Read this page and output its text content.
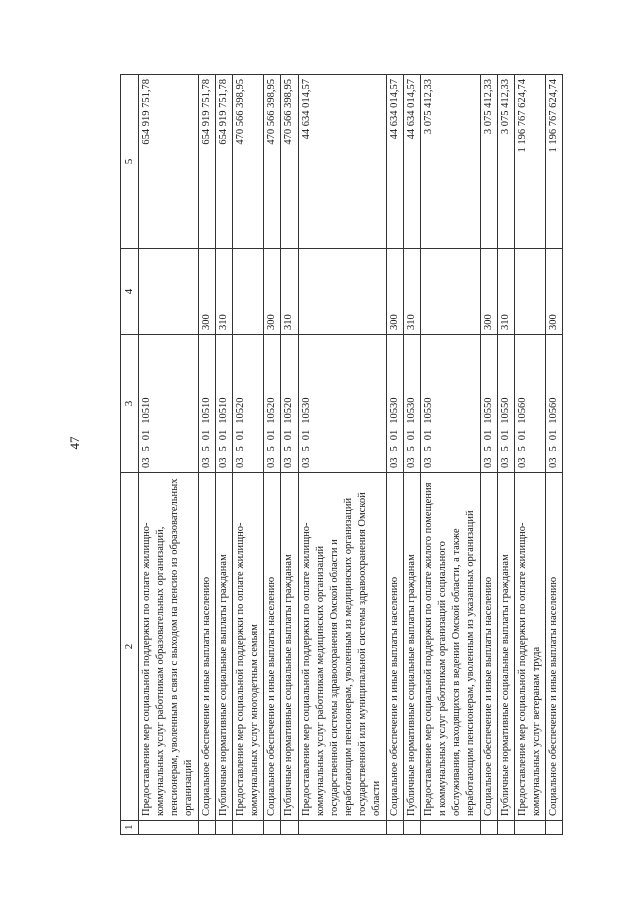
47
1	2	3	4	5
	Предоставление мер социальной поддержки по оплате жилищно-коммунальных услуг работникам образовательных организаций, пенсионерам, уволенным в связи с выходом на пенсию из образовательных организаций	0350110510		654 919 751,78
	Социальное обеспечение и иные выплаты населению	0350110510	300	654 919 751,78
	Публичные нормативные социальные выплаты гражданам	0350110510	310	654 919 751,78
	Предоставление мер социальной поддержки по оплате жилищно-коммунальных услуг многодетным семьям	0350110520		470 566 398,95
	Социальное обеспечение и иные выплаты населению	0350110520	300	470 566 398,95
	Публичные нормативные социальные выплаты гражданам	0350110520	310	470 566 398,95
	Предоставление мер социальной поддержки по оплате жилищно-коммунальных услуг работникам медицинских организаций государственной системы здравоохранения Омской области и неработающим пенсионерам, уволенным из медицинских организаций государственной или муниципальной системы здравоохранения Омской области	0350110530		44 634 014,57
	Социальное обеспечение и иные выплаты населению	0350110530	300	44 634 014,57
	Публичные нормативные социальные выплаты гражданам	0350110530	310	44 634 014,57
	Предоставление мер социальной поддержки по оплате жилого помещения и коммунальных услуг работникам организаций социального обслуживания, находящихся в ведении Омской области, а также неработающим пенсионерам, уволенным из указанных организаций	0350110550		3 075 412,33
	Социальное обеспечение и иные выплаты населению	0350110550	300	3 075 412,33
	Публичные нормативные социальные выплаты гражданам	0350110550	310	3 075 412,33
	Предоставление мер социальной поддержки по оплате жилищно-коммунальных услуг ветеранам труда	0350110560		1 196 767 624,74
	Социальное обеспечение и иные выплаты населению	0350110560	300	1 196 767 624,74
